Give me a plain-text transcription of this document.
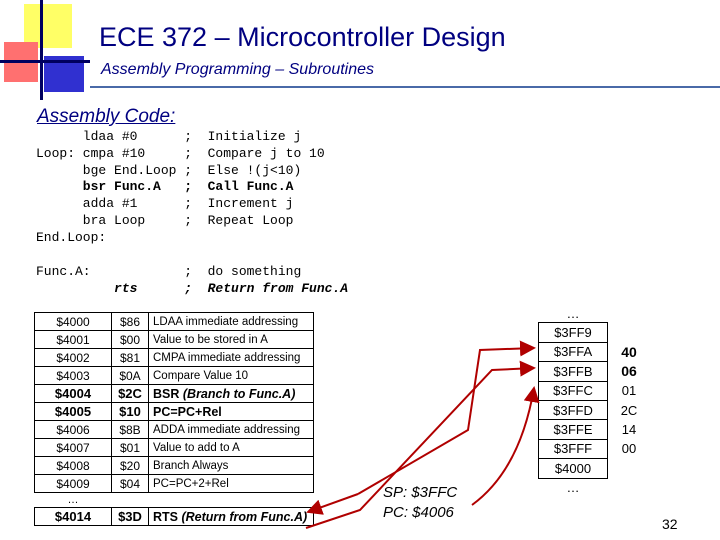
ECE 372 – Microcontroller Design
Assembly Programming – Subroutines
Assembly Code:
ldaa #0      ;  Initialize j
Loop: cmpa #10     ;  Compare j to 10
bge End.Loop ;  Else !(j<10)
bsr Func.A   ;  Call Func.A
adda #1      ;  Increment j
bra Loop     ;  Repeat Loop
End.Loop:
Func.A:            ;  do something
rts      ;  Return from Func.A
$4000	$86	LDAA immediate addressing
$4001	$00	Value to be stored in A
$4002	$81	CMPA immediate addressing
$4003	$0A	Compare Value 10
$4004	$2C	BSR (Branch to Func.A)
$4005	$10	PC=PC+Rel
$4006	$8B	ADDA immediate addressing
$4007	$01	Value to add to A
$4008	$20	Branch Always
$4009	$04	PC=PC+2+Rel
…		
$4014	$3D	RTS (Return from Func.A)
…	
$3FF9	
$3FFA	40
$3FFB	06
$3FFC	01
$3FFD	2C
$3FFE	14
$3FFF	00
$4000	
…	
SP: $3FFC
PC: $4006
32
